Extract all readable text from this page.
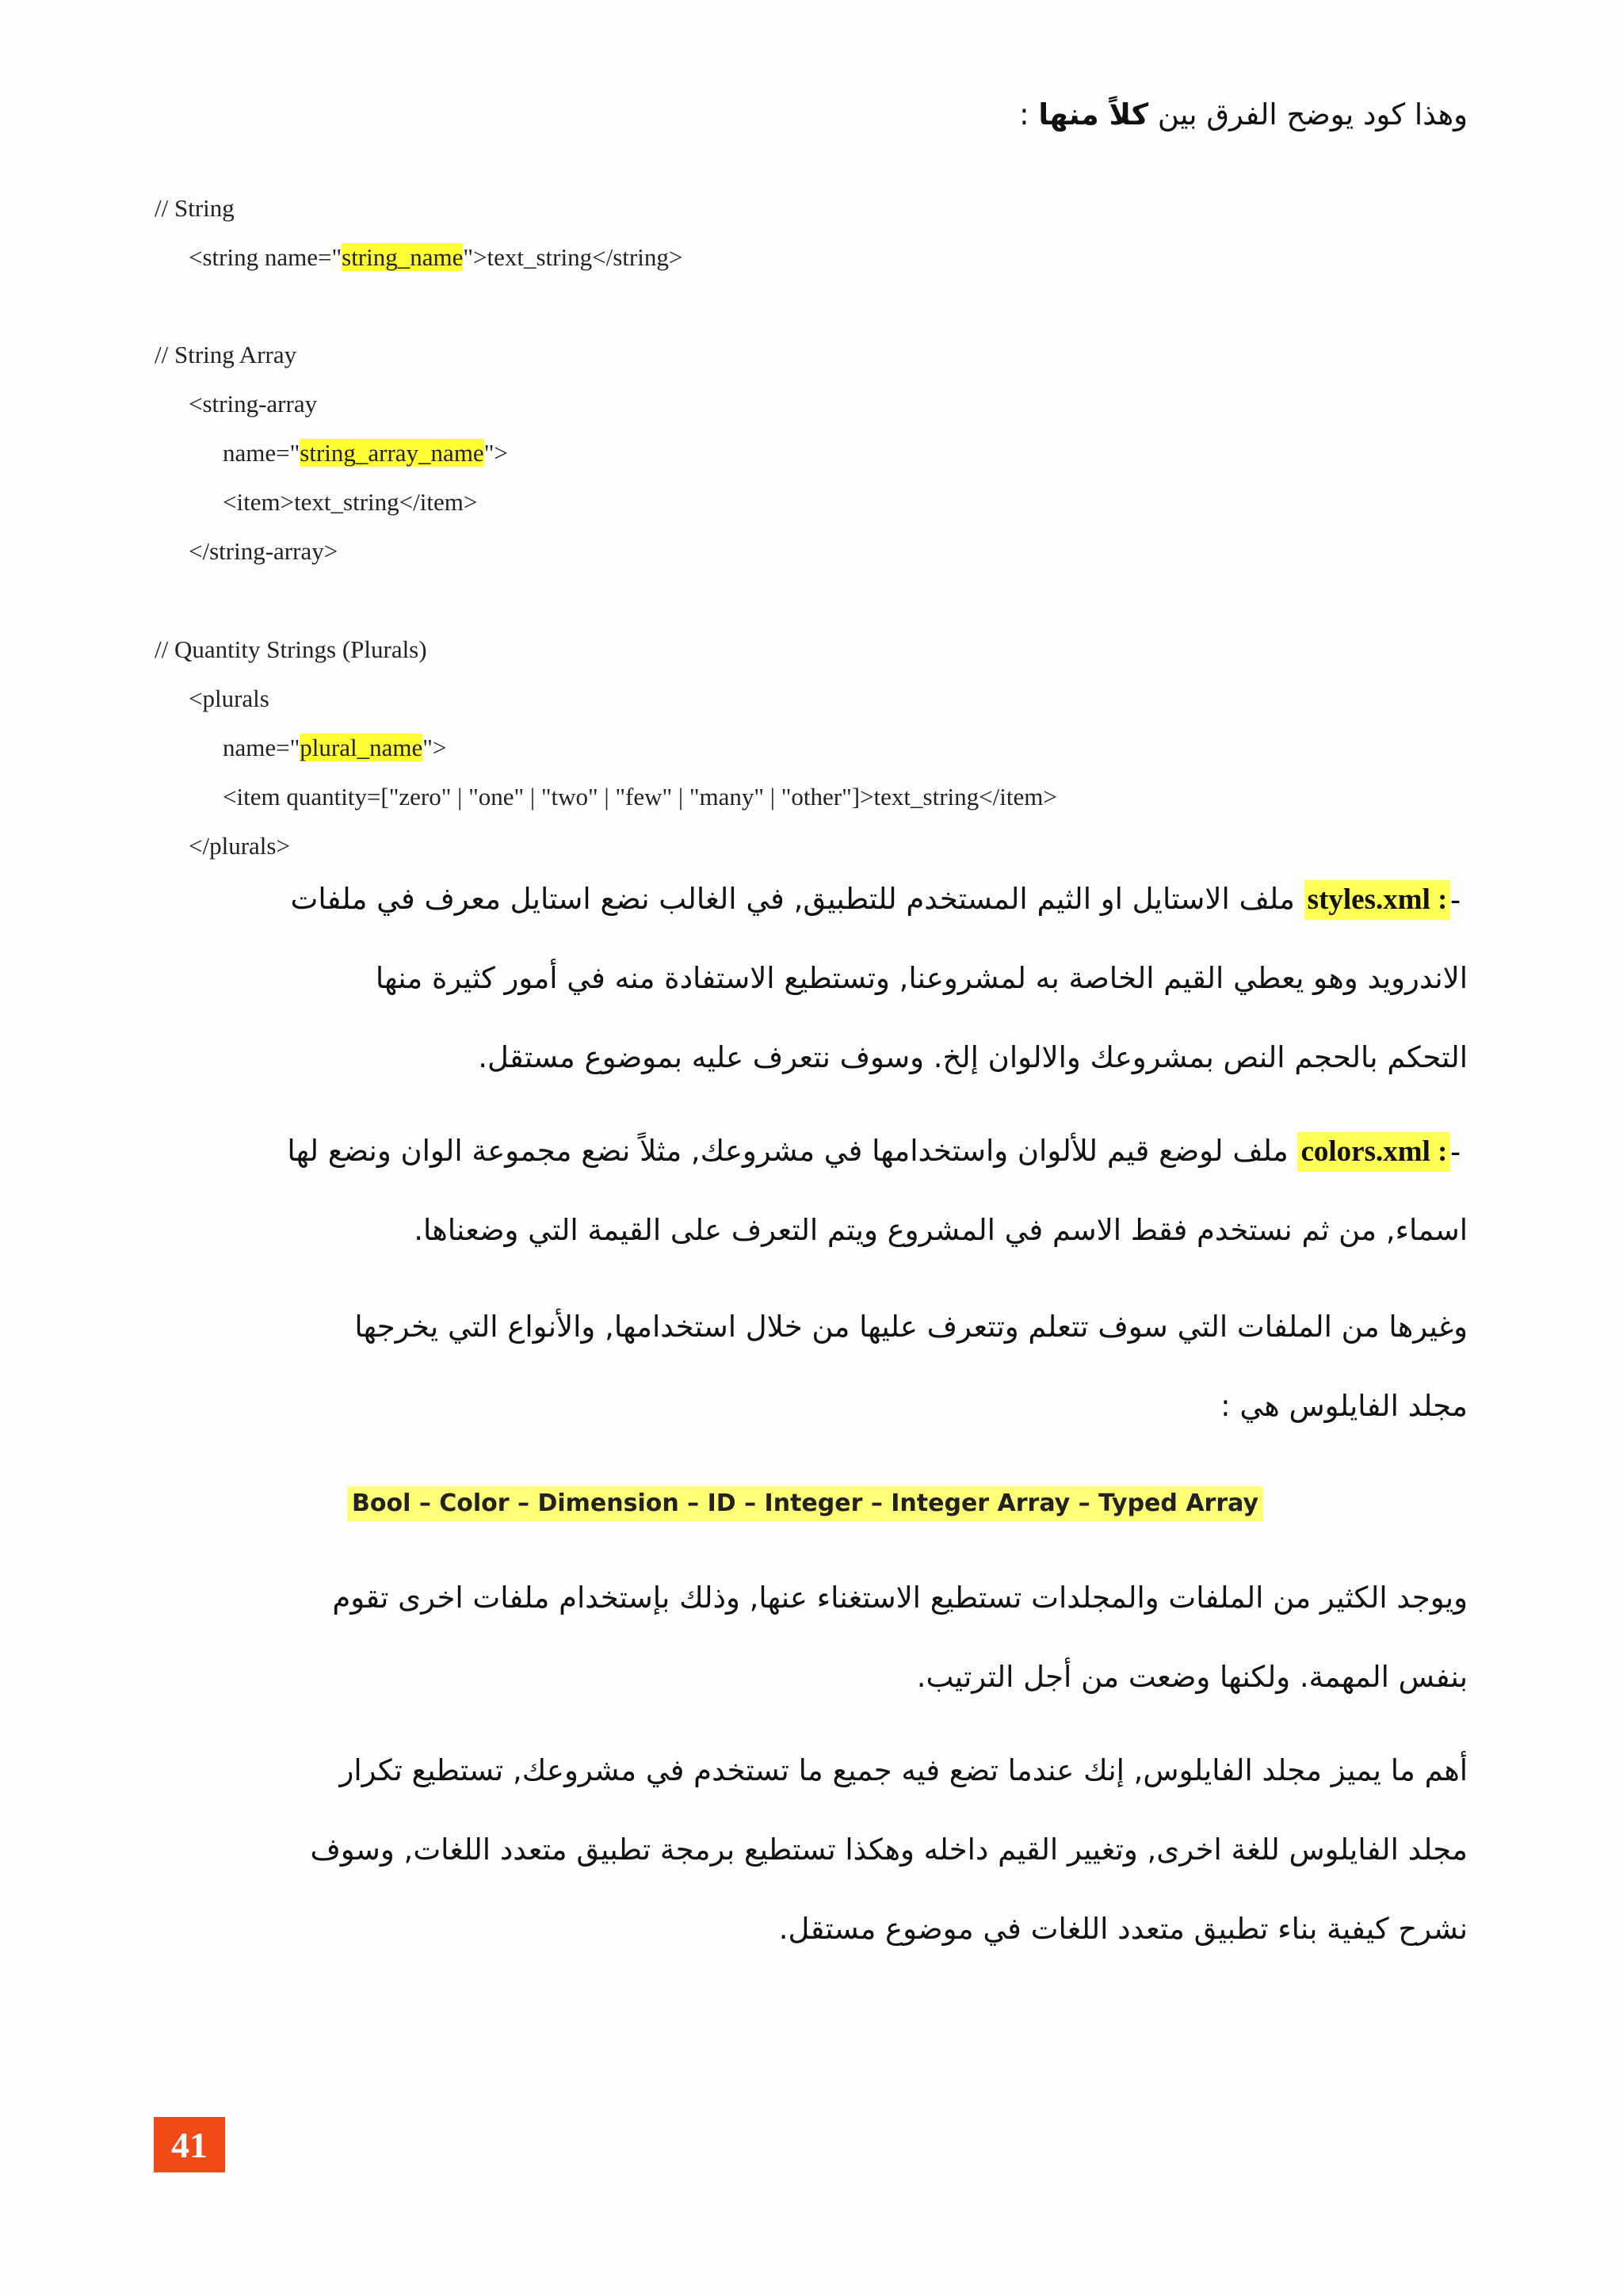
وهذا كود يوضح الفرق بين كلاً منها :
// String
<string name="string_name">text_string</string>
// String Array
<string-array
name="string_array_name">
<item>text_string</item>
</string-array>
// Quantity Strings (Plurals)
<plurals
name="plural_name">
<item quantity=["zero" | "one" | "two" | "few" | "many" | "other"]>text_string</item>
</plurals>
- styles.xml : ملف الاستايل او الثيم المستخدم للتطبيق, في الغالب نضع استايل معرف في ملفات
الاندرويد وهو يعطي القيم الخاصة به لمشروعنا, وتستطيع الاستفادة منه في أمور كثيرة منها
التحكم بالحجم النص بمشروعك والالوان إلخ. وسوف نتعرف عليه بموضوع مستقل.
- colors.xml : ملف لوضع قيم للألوان واستخدامها في مشروعك, مثلاً نضع مجموعة الوان ونضع لها
اسماء, من ثم نستخدم فقط الاسم في المشروع ويتم التعرف على القيمة التي وضعناها.
وغيرها من الملفات التي سوف تتعلم وتتعرف عليها من خلال استخدامها, والأنواع التي يخرجها
مجلد الفايلوس هي :
Bool – Color – Dimension – ID – Integer – Integer Array – Typed Array
ويوجد الكثير من الملفات والمجلدات تستطيع الاستغناء عنها, وذلك بإستخدام ملفات اخرى تقوم
بنفس المهمة. ولكنها وضعت من أجل الترتيب.
أهم ما يميز مجلد الفايلوس, إنك عندما تضع فيه جميع ما تستخدم في مشروعك, تستطيع تكرار
مجلد الفايلوس للغة اخرى, وتغيير القيم داخله وهكذا تستطيع برمجة تطبيق متعدد اللغات, وسوف
نشرح كيفية بناء تطبيق متعدد اللغات في موضوع مستقل.
41
